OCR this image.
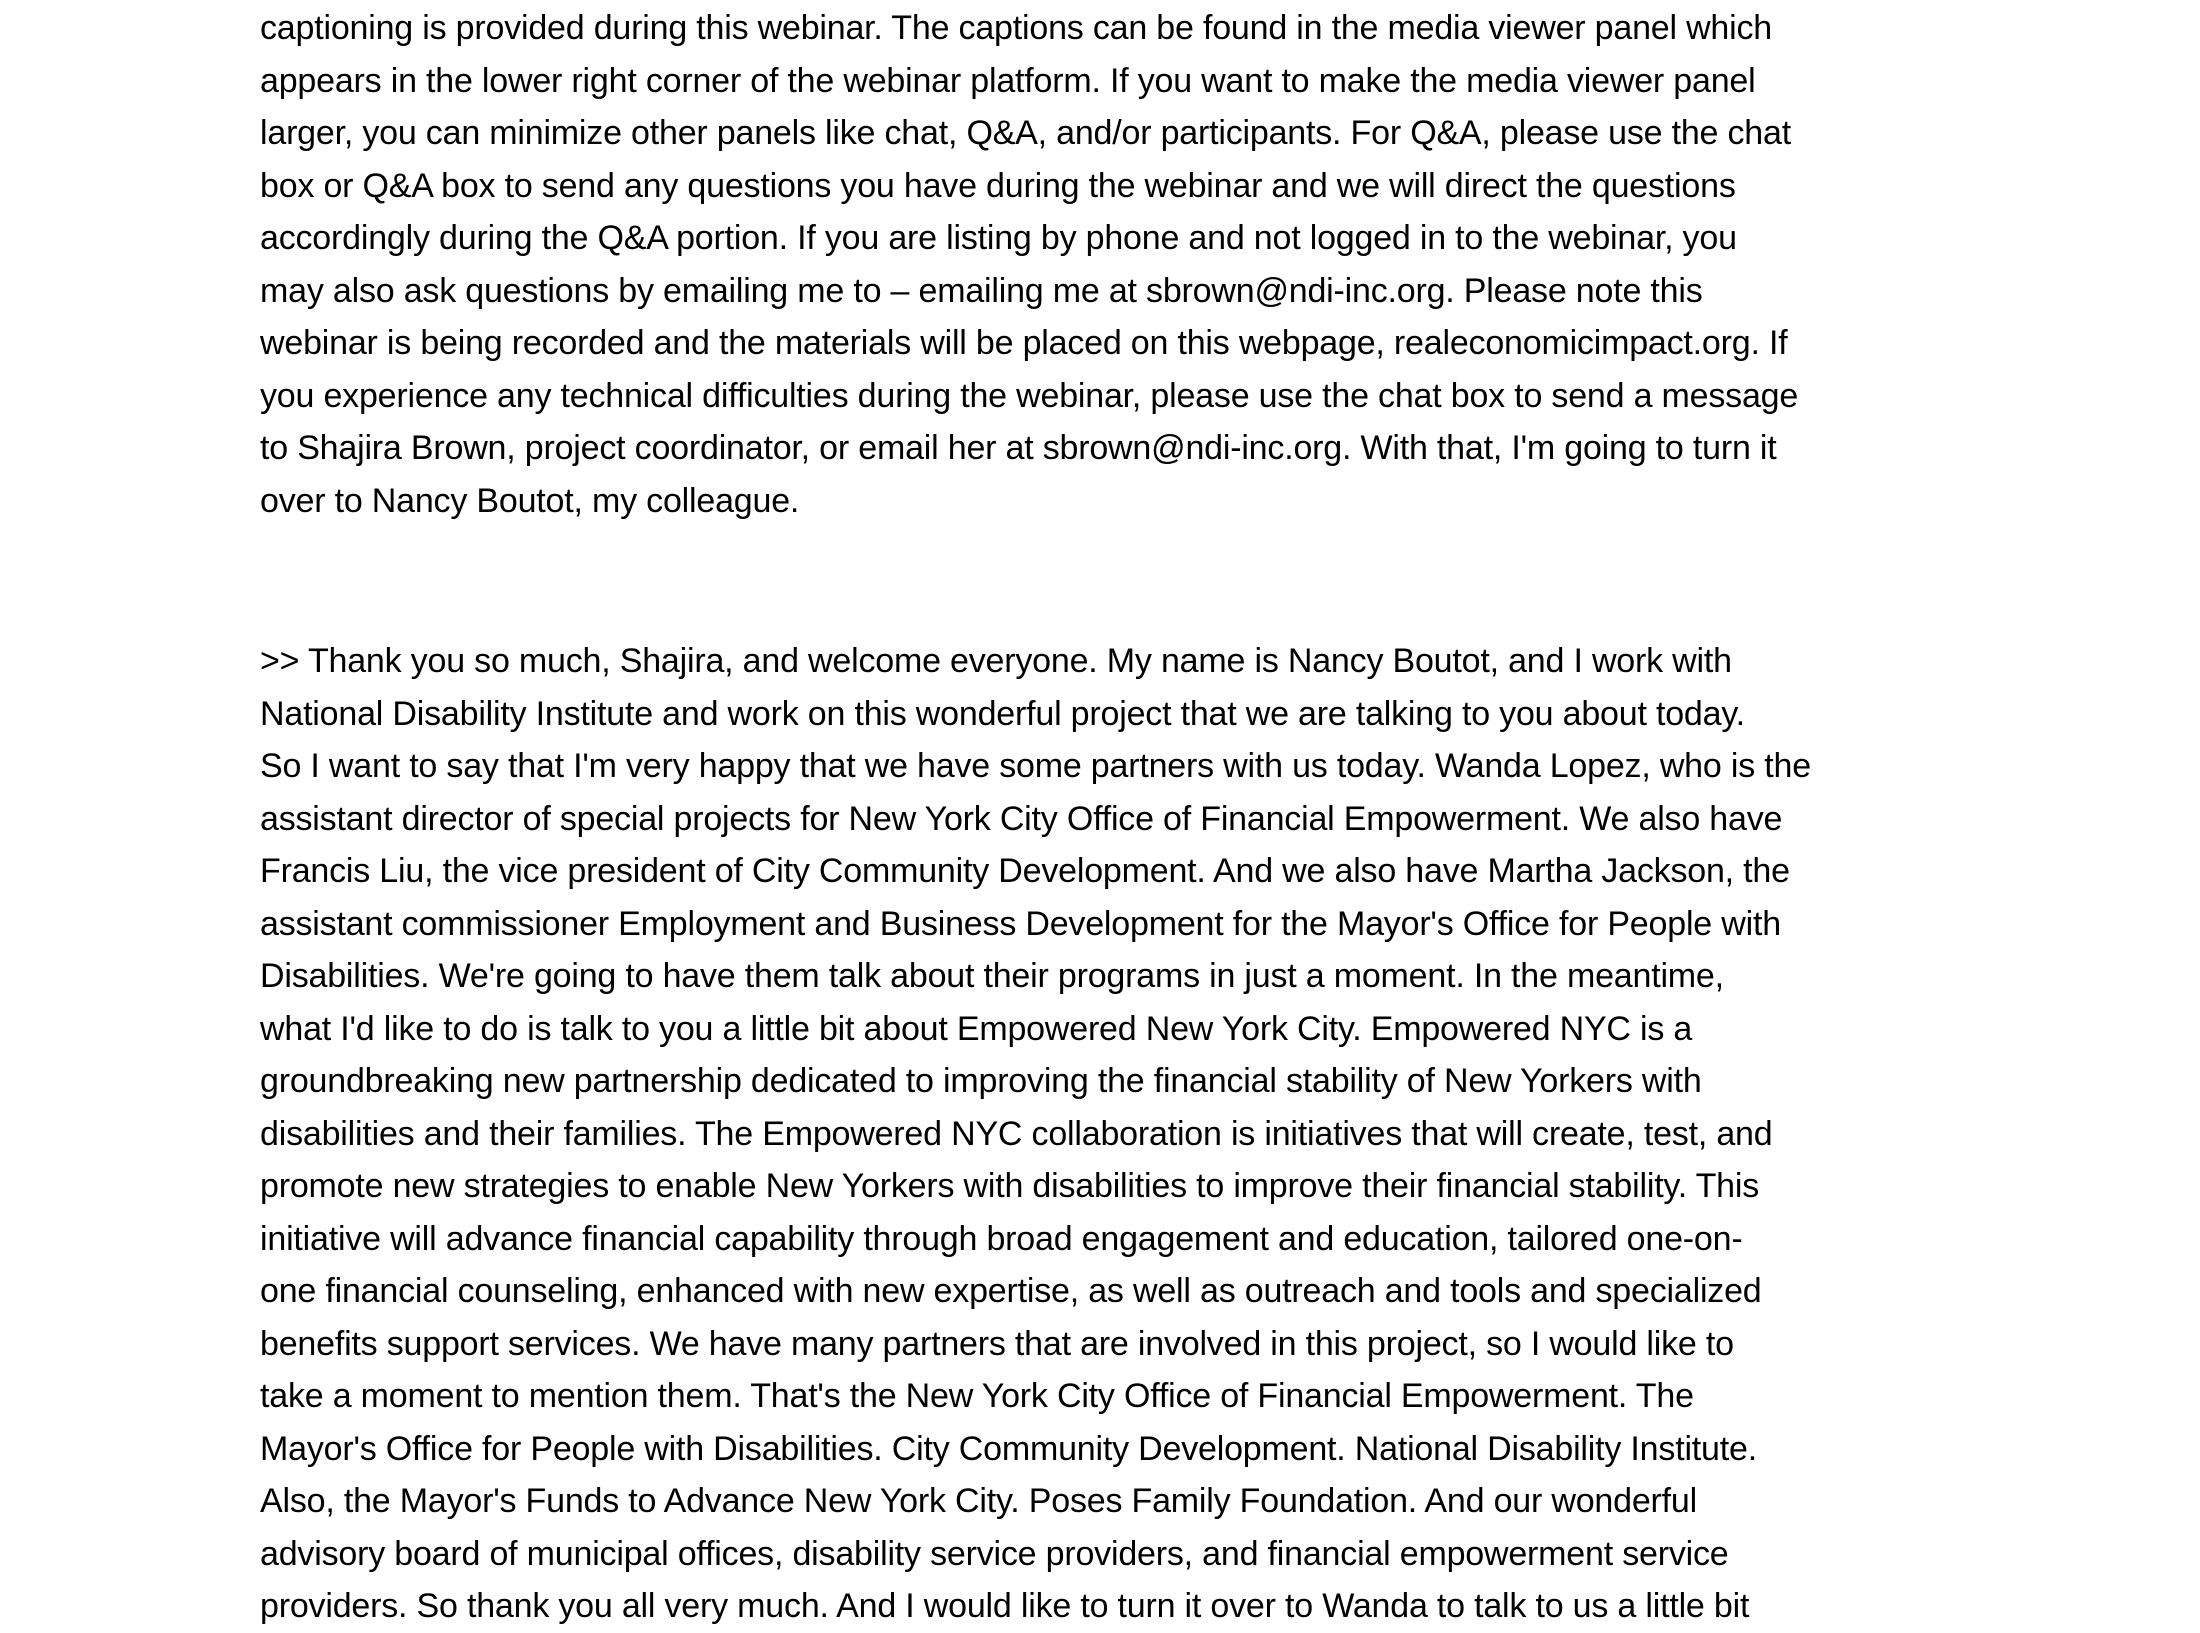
captioning is provided during this webinar. The captions can be found in the media viewer panel which
appears in the lower right corner of the webinar platform. If you want to make the media viewer panel
larger, you can minimize other panels like chat, Q&A, and/or participants. For Q&A, please use the chat
box or Q&A box to send any questions you have during the webinar and we will direct the questions
accordingly during the Q&A portion. If you are listing by phone and not logged in to the webinar, you
may also ask questions by emailing me to – emailing me at sbrown@ndi-inc.org. Please note this
webinar is being recorded and the materials will be placed on this webpage, realeconomicimpact.org. If
you experience any technical difficulties during the webinar, please use the chat box to send a message
to Shajira Brown, project coordinator, or email her at sbrown@ndi-inc.org. With that, I'm going to turn it
over to Nancy Boutot, my colleague.
>> Thank you so much, Shajira, and welcome everyone. My name is Nancy Boutot, and I work with
National Disability Institute and work on this wonderful project that we are talking to you about today.
So I want to say that I'm very happy that we have some partners with us today. Wanda Lopez, who is the
assistant director of special projects for New York City Office of Financial Empowerment. We also have
Francis Liu, the vice president of City Community Development. And we also have Martha Jackson, the
assistant commissioner Employment and Business Development for the Mayor's Office for People with
Disabilities. We're going to have them talk about their programs in just a moment. In the meantime,
what I'd like to do is talk to you a little bit about Empowered New York City. Empowered NYC is a
groundbreaking new partnership dedicated to improving the financial stability of New Yorkers with
disabilities and their families. The Empowered NYC collaboration is initiatives that will create, test, and
promote new strategies to enable New Yorkers with disabilities to improve their financial stability. This
initiative will advance financial capability through broad engagement and education, tailored one-on-
one financial counseling, enhanced with new expertise, as well as outreach and tools and specialized
benefits support services. We have many partners that are involved in this project, so I would like to
take a moment to mention them. That's the New York City Office of Financial Empowerment. The
Mayor's Office for People with Disabilities. City Community Development. National Disability Institute.
Also, the Mayor's Funds to Advance New York City. Poses Family Foundation. And our wonderful
advisory board of municipal offices, disability service providers, and financial empowerment service
providers. So thank you all very much. And I would like to turn it over to Wanda to talk to us a little bit
